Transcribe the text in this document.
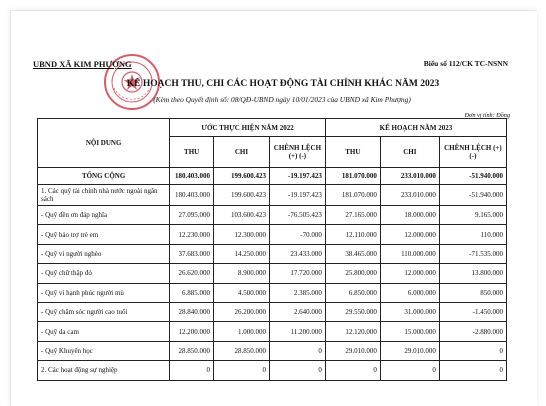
UBND XÃ KIM PHƯỢNG	Biểu số 112/CK TC-NSNN
KẾ HOẠCH THU, CHI CÁC HOẠT ĐỘNG TÀI CHÍNH KHÁC NĂM 2023
(Kèm theo Quyết định số: 08/QĐ-UBND ngày 10/01/2023 của UBND xã Kim Phượng)
Đơn vị tính: Đồng
NỘI DUNG	ƯỚC THỰC HIỆN NĂM 2022			KẾ HOẠCH NĂM 2023		
	THU	CHI	CHÊNH LỆCH (+) (-)	THU	CHI	CHÊNH LỆCH (+) (-)
TỔNG CỘNG	180.403.000	199.600.423	-19.197.423	181.070.000	233.010.000	-51.940.000
1. Các quỹ tài chính nhà nước ngoài ngân sách	180.403.000	199.600.423	-19.197.423	181.070.000	233.010.000	-51.940.000
- Quỹ đền ơn đáp nghĩa	27.095.000	103.600.423	-76.505.423	27.165.000	18.000.000	9.165.000
- Quỹ bảo trợ trẻ em	12.230.000	12.300.000	-70.000	12.110.000	12.000.000	110.000
- Quỹ vì người nghèo	37.683.000	14.250.000	23.433.000	38.465.000	110.000.000	-71.535.000
- Quỹ chữ thập đỏ	26.620.000	8.900.000	17.720.000	25.800.000	12.000.000	13.800.000
- Quỹ vì hạnh phúc người mù	6.885.000	4.500.000	2.385.000	6.850.000	6.000.000	850.000
- Quỹ chăm sóc người cao tuổi	28.840.000	26.200.000	2.640.000	29.550.000	31.000.000	-1.450.000
- Quỹ da cam	12.200.000	1.000.000	11.200.000	12.120.000	15.000.000	-2.880.000
- Quỹ Khuyến học	28.850.000	28.850.000	0	29.010.000	29.010.000	0
2. Các hoạt động sự nghiệp	0	0	0	0	0	0
